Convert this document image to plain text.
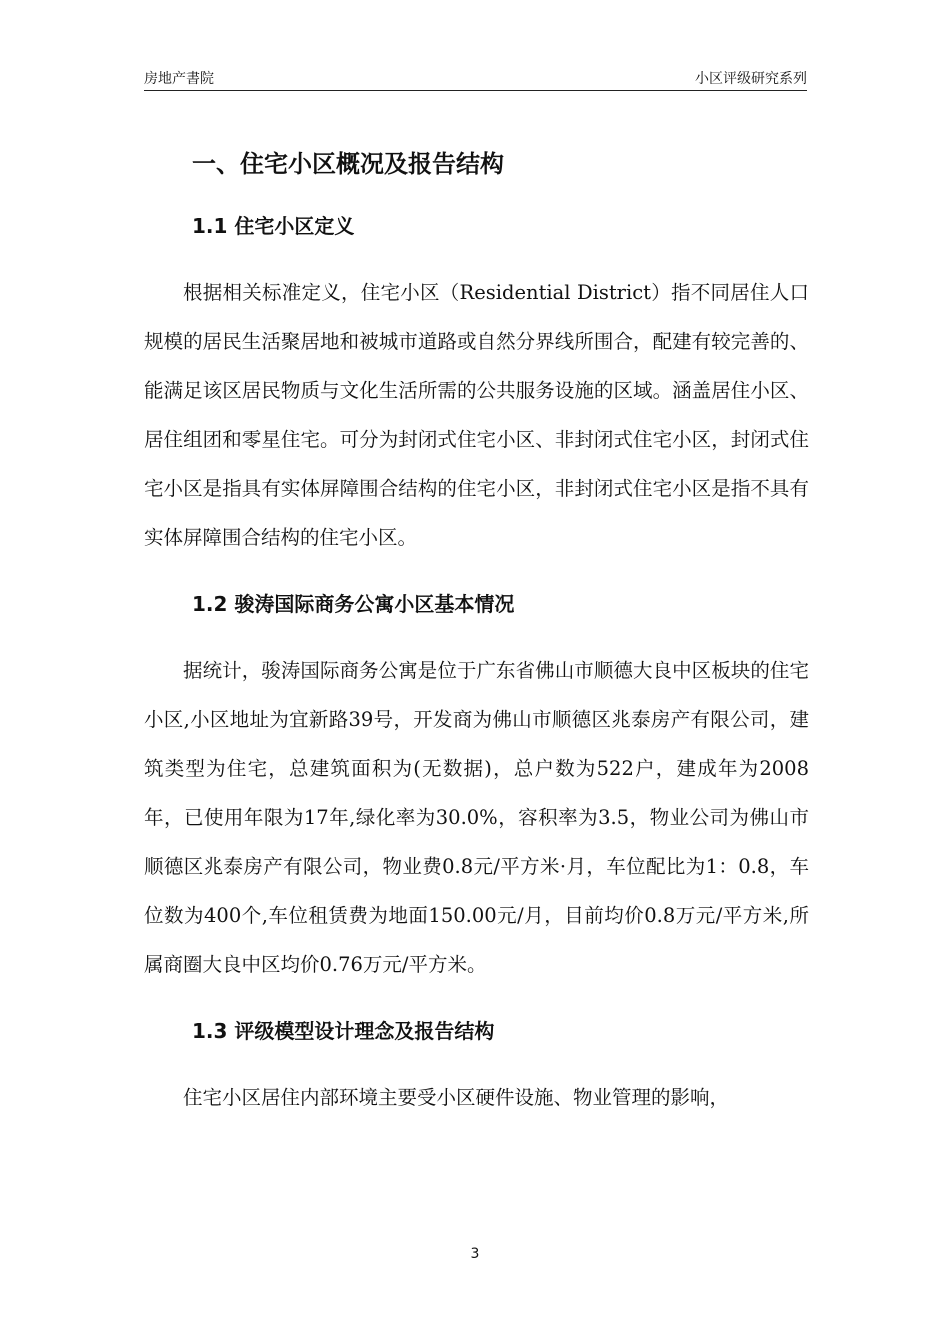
房地产書院	小区评级研究系列
一、住宅小区概况及报告结构
1.1 住宅小区定义

根据相关标准定义，住宅小区（Residential District）指不同居住人口规模的居民生活聚居地和被城市道路或自然分界线所围合，配建有较完善的、能满足该区居民物质与文化生活所需的公共服务设施的区域。涵盖居住小区、居住组团和零星住宅。可分为封闭式住宅小区、非封闭式住宅小区，封闭式住宅小区是指具有实体屏障围合结构的住宅小区，非封闭式住宅小区是指不具有实体屏障围合结构的住宅小区。

1.2 骏涛国际商务公寓小区基本情况

据统计，骏涛国际商务公寓是位于广东省佛山市顺德大良中区板块的住宅小区,小区地址为宜新路39号，开发商为佛山市顺德区兆泰房产有限公司，建筑类型为住宅，总建筑面积为(无数据)，总户数为522户，建成年为2008年，已使用年限为17年,绿化率为30.0%，容积率为3.5，物业公司为佛山市顺德区兆泰房产有限公司，物业费0.8元/平方米·月，车位配比为1：0.8，车位数为400个,车位租赁费为地面150.00元/月，目前均价0.8万元/平方米,所属商圈大良中区均价0.76万元/平方米。

1.3 评级模型设计理念及报告结构

住宅小区居住内部环境主要受小区硬件设施、物业管理的影响，

3
